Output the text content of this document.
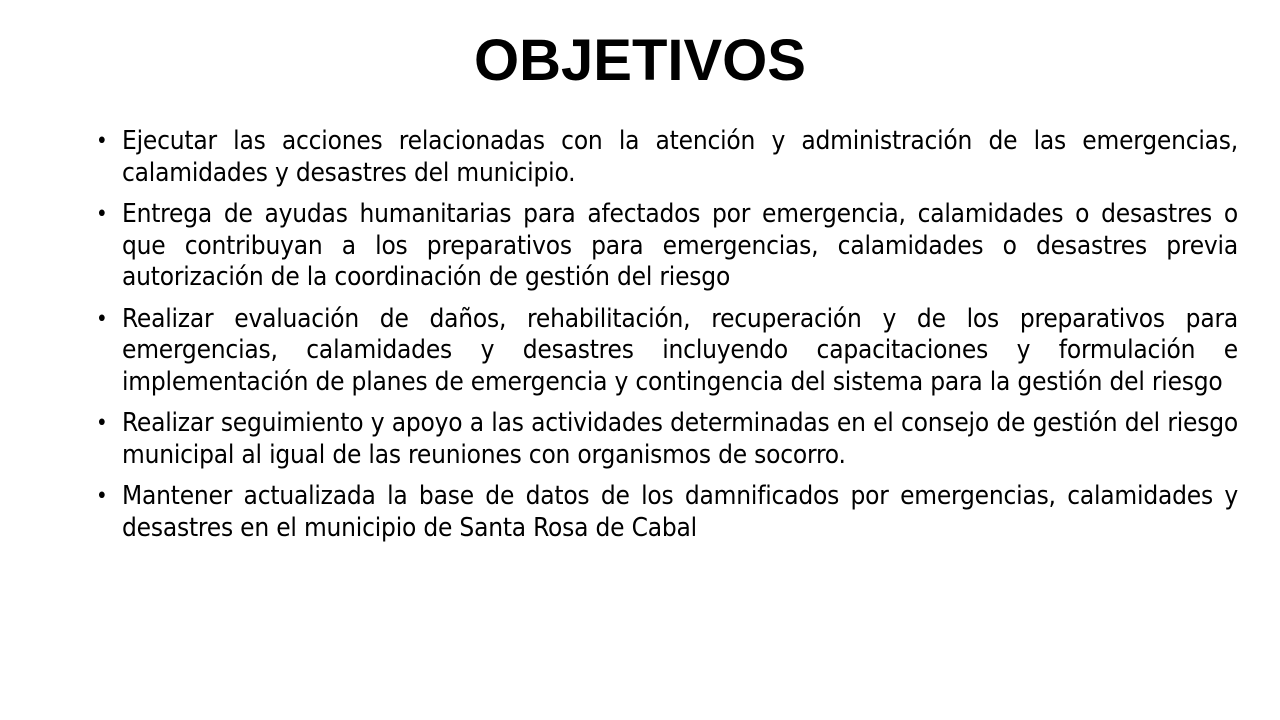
OBJETIVOS
• Ejecutar las acciones relacionadas con la atención y administración de las emergencias, calamidades y desastres del municipio.
• Entrega de ayudas humanitarias para afectados por emergencia, calamidades o desastres o que contribuyan a los preparativos para emergencias, calamidades o desastres previa autorización de la coordinación de gestión del riesgo
• Realizar evaluación de daños, rehabilitación, recuperación y de los preparativos para emergencias, calamidades y desastres incluyendo capacitaciones y formulación e implementación de planes de emergencia y contingencia del sistema para la gestión del riesgo
• Realizar seguimiento y apoyo a las actividades determinadas en el consejo de gestión del riesgo municipal al igual de las reuniones con organismos de socorro.
• Mantener actualizada la base de datos de los damnificados por emergencias, calamidades y desastres en el municipio de Santa Rosa de Cabal
